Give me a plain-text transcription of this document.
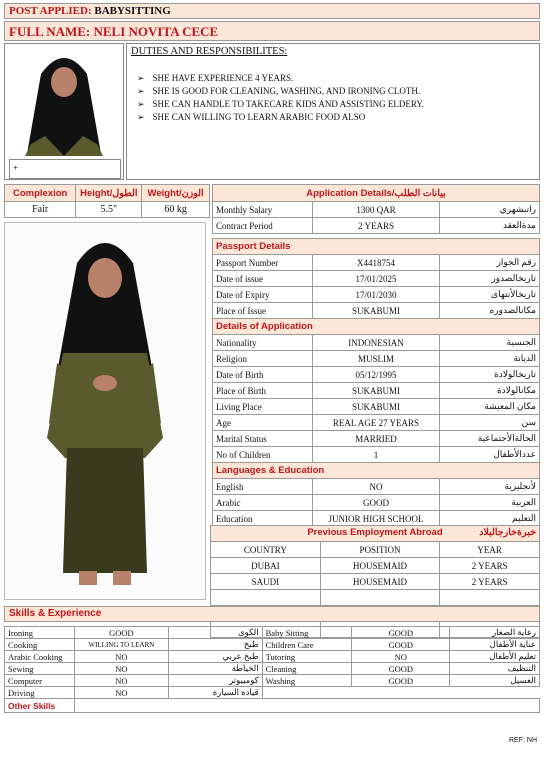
POST APPLIED: BABYSITTING
FULL NAME: NELI NOVITA CECE
+
DUTIES AND RESPONSIBILITES:
➢ SHE HAVE EXPERIENCE 4 YEARS.
➢ SHE IS GOOD FOR CLEANING, WASHING, AND IRONING CLOTH.
➢ SHE CAN HANDLE TO TAKECARE KIDS AND ASSISTING ELDERY.
➢ SHE CAN WILLING TO LEARN ARABIC FOOD ALSO
Complexion	Height/الطول	Weight/الوزن
Fair	5.5"	60 kg
Application Details/بيانات الطلب		
Monthly Salary	1300 QAR	راتبشهري
Contract Period	2 YEARS	مدةالعقد
Passport Details		
Passport Number	X4418754	رقم الجواز
Date of issue	17/01/2025	تاريخالصدور
Date of Expiry	17/01/2030	تاريخالأنتهاى
Place of Issue	SUKABUMI	مكانالصدوره
Details of Application		
Nationality	INDONESIAN	الجنسية
Religion	MUSLIM	الديانة
Date of Birth	05/12/1995	تاريخالولادة
Place of Birth	SUKABUMI	مكانالولادة
Living Place	SUKABUMI	مكان المعيشة
Age	REAL AGE 27 YEARS	سن
Marital Status	MARRIED	الحالةالأجتماعية
No of Children	1	عددالأطفال
Languages & Education		
English	NO	لأنجليزية
Arabic	GOOD	العربية
Education	JUNIOR HIGH SCHOOL	التعليم
Previous Employment Abroad خبرةخارجالبلاد		

COUNTRY	POSITION	YEAR
DUBAI	HOUSEMAID	2 YEARS
SAUDI	HOUSEMAID	2 YEARS

Skills & Experience
Ironing	GOOD	الكوى	Baby Sitting	GOOD	رعاية الصغار
Cooking	WILLING TO LEARN	طبخ	Children Care	GOOD	عناية الأطفال
Arabic Cooking	NO	طبخ عربي	Tutoring	NO	تعليم الأطفال
Sewing	NO	الخياطة	Cleaning	GOOD	التنظيف
Computer	NO	كومبيوتر	Washing	GOOD	الغسيل
Driving	NO	قيادة السيارة			
Other Skills					
REF: NH
